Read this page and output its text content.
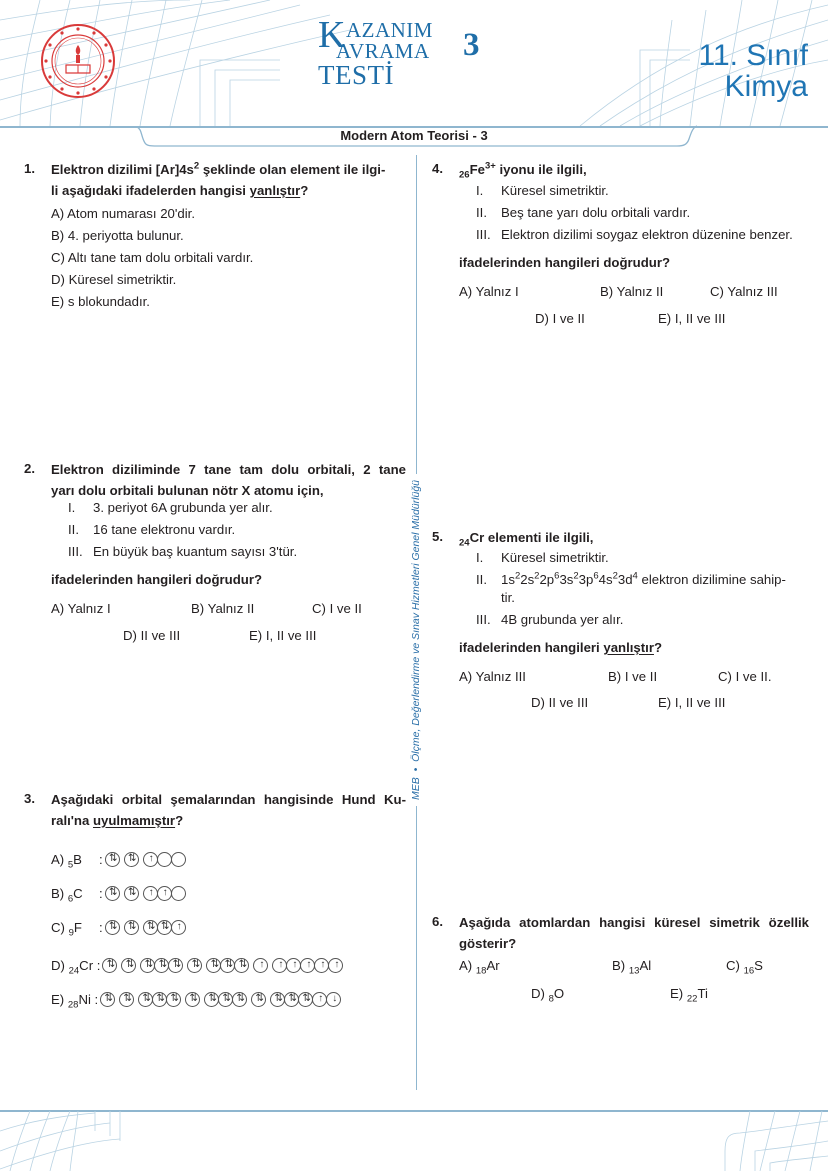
KAZANIM
AVRAMA
TESTİ
3	11. Sınıf
Kimya
Modern Atom Teorisi - 3
MEB  •  Ölçme, Değerlendirme ve Sınav Hizmetleri Genel Müdürlüğü
1. Elektron dizilimi $[Ar]4s^2$ şeklinde olan element ile ilgi-
li aşağıdaki ifadelerden hangisi yanlıştır?
A) Atom numarası 20'dir.
B) 4. periyotta bulunur.
C) Altı tane tam dolu orbitali vardır.
D) Küresel simetriktir.
E) s blokundadır.
2. Elektron diziliminde 7 tane tam dolu orbitali, 2 tane
yarı dolu orbitali bulunan nötr X atomu için,
I. 3. periyot 6A grubunda yer alır.
II. 16 tane elektronu vardır.
III. En büyük baş kuantum sayısı 3'tür.
ifadelerinden hangileri doğrudur?
A) Yalnız I	B) Yalnız II	C) I ve II
D) II ve III	E) I, II ve III
3. Aşağıdaki orbital şemalarından hangisinde Hund Ku-
ralı'na uyulmamıştır?
A) $_5$B	: ⇅	⇅	↑
B) $_6$C	: ⇅	⇅	↑	↑
C) $_9$F	: ⇅	⇅	⇅ ⇅ ↑
D) $_{24}$Cr : ⇅	⇅	⇅ ⇅ ⇅	⇅	⇅ ⇅ ⇅	↑	↑	↑	↑	↑	↑
E) $_{28}$Ni : ⇅	⇅	⇅ ⇅ ⇅	⇅	⇅ ⇅ ⇅	⇅	⇅ ⇅ ⇅ ↑	↓
4. $_{26}Fe^{3+}$ iyonu ile ilgili,
I. Küresel simetriktir.
II. Beş tane yarı dolu orbitali vardır.
III. Elektron dizilimi soygaz elektron düzenine benzer.
ifadelerinden hangileri doğrudur?
A) Yalnız I	B) Yalnız II	C) Yalnız III
D) I ve II	E) I, II ve III
5. $_{24}$Cr elementi ile ilgili,
I. Küresel simetriktir.
II. $1s^22s^22p^63s^23p^64s^23d^4$ elektron dizilimine sahip-
tir.
III. 4B grubunda yer alır.
ifadelerinden hangileri yanlıştır?
A) Yalnız III	B) I ve II	C) I ve II.
D) II ve III	E) I, II ve III
6. Aşağıda atomlardan hangisi küresel simetrik özellik
gösterir?
A) $_{18}$Ar	B) $_{13}$Al	C) $_{16}$S
D) $_8$O	E) $_{22}$Ti
